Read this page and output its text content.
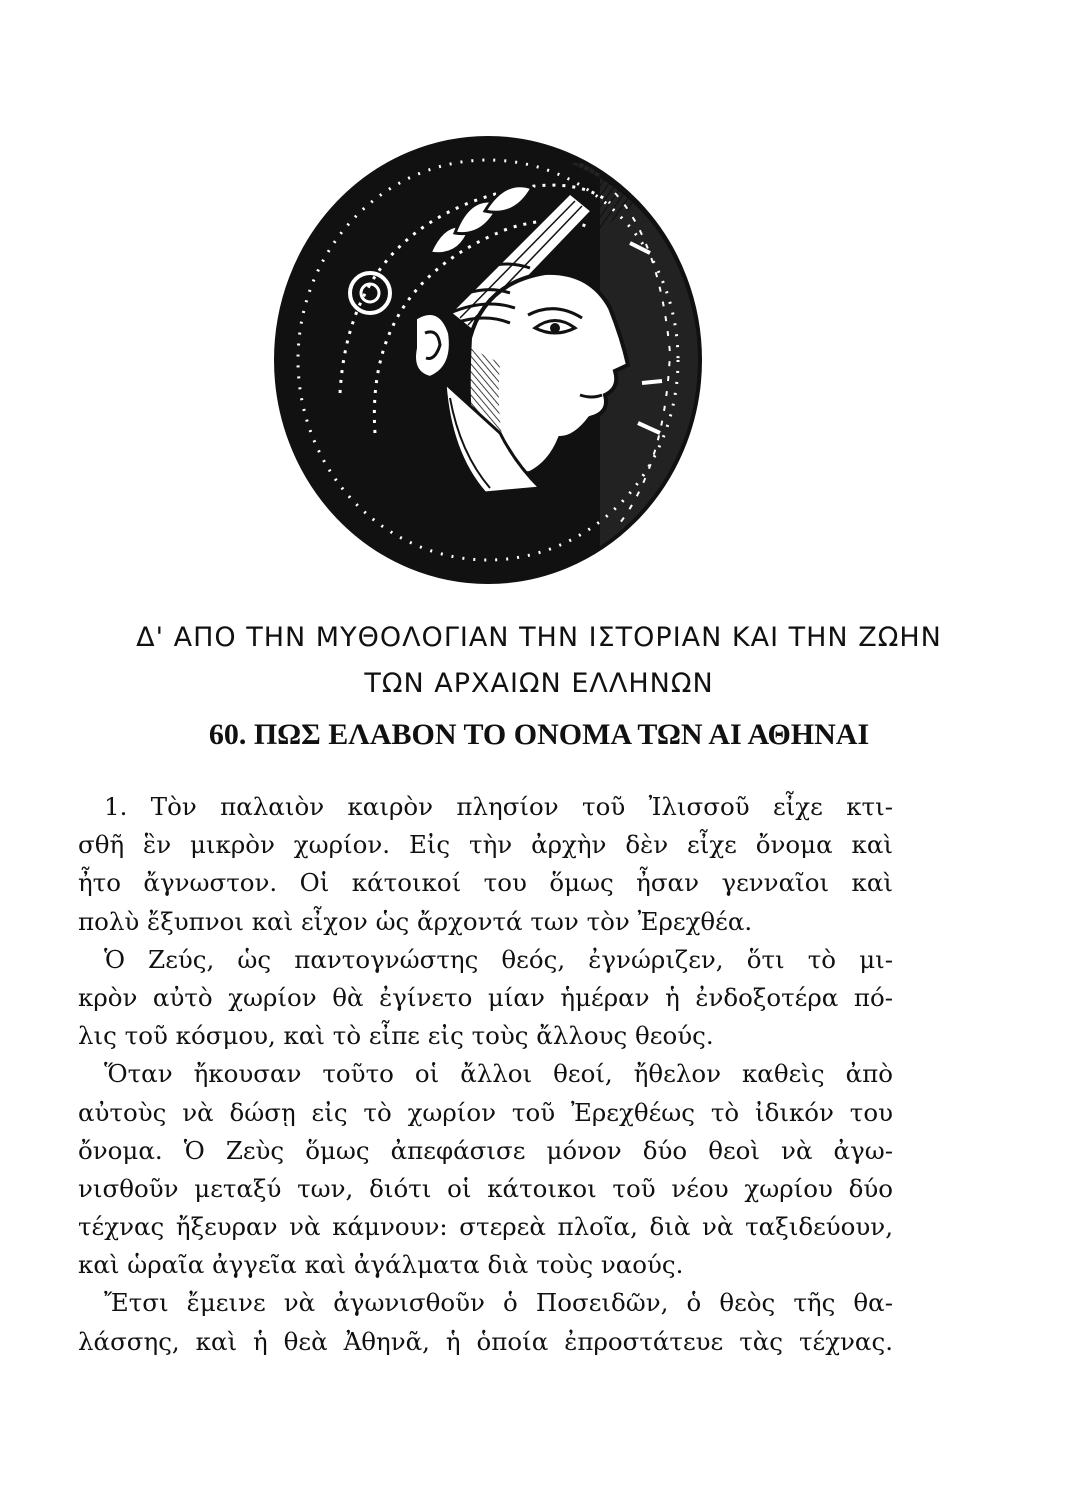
Δ' ΑΠΟ ΤΗΝ ΜΥΘΟΛΟΓΙΑΝ ΤΗΝ ΙΣΤΟΡΙΑΝ ΚΑΙ ΤΗΝ ΖΩΗΝ
ΤΩΝ ΑΡΧΑΙΩΝ ΕΛΛΗΝΩΝ
60. ΠΩΣ ΕΛΑΒΟΝ ΤΟ ΟΝΟΜΑ ΤΩΝ ΑΙ ΑΘΗΝΑΙ
1. Τὸν παλαιὸν καιρὸν πλησίον τοῦ Ἰλισσοῦ εἶχε κτι-
σθῆ ἓν μικρὸν χωρίον. Εἰς τὴν ἀρχὴν δὲν εἶχε ὄνομα καὶ
ἦτο ἄγνωστον. Οἱ κάτοικοί του ὅμως ἦσαν γενναῖοι καὶ
πολὺ ἔξυπνοι καὶ εἶχον ὡς ἄρχοντά των τὸν Ἐρεχθέα.
Ὁ Ζεύς, ὡς παντογνώστης θεός, ἐγνώριζεν, ὅτι τὸ μι-
κρὸν αὐτὸ χωρίον θὰ ἐγίνετο μίαν ἡμέραν ἡ ἐνδοξοτέρα πό-
λις τοῦ κόσμου, καὶ τὸ εἶπε εἰς τοὺς ἄλλους θεούς.
Ὅταν ἤκουσαν τοῦτο οἱ ἄλλοι θεοί, ἤθελον καθεὶς ἀπὸ
αὐτοὺς νὰ δώσῃ εἰς τὸ χωρίον τοῦ Ἐρεχθέως τὸ ἰδικόν του
ὄνομα. Ὁ Ζεὺς ὅμως ἀπεφάσισε μόνον δύο θεοὶ νὰ ἀγω-
νισθοῦν μεταξύ των, διότι οἱ κάτοικοι τοῦ νέου χωρίου δύο
τέχνας ἤξευραν νὰ κάμνουν: στερεὰ πλοῖα, διὰ νὰ ταξιδεύουν,
καὶ ὡραῖα ἀγγεῖα καὶ ἀγάλματα διὰ τοὺς ναούς.
Ἔτσι ἔμεινε νὰ ἀγωνισθοῦν ὁ Ποσειδῶν, ὁ θεὸς τῆς θα-
λάσσης, καὶ ἡ θεὰ Ἀθηνᾶ, ἡ ὁποία ἐπροστάτευε τὰς τέχνας.
